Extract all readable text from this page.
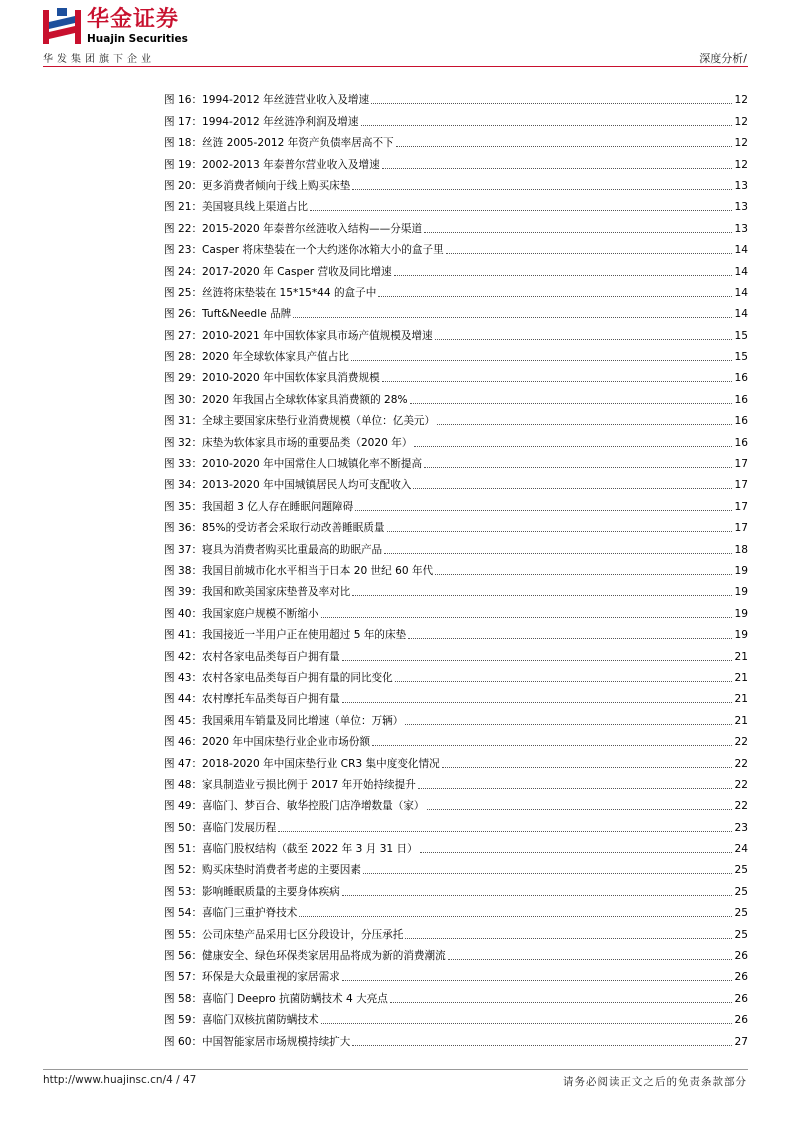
华金证券
Huajin Securities
华发集团旗下企业	深度分析/
图 16：1994-2012 年丝涟营业收入及增速	12
图 17：1994-2012 年丝涟净利润及增速	12
图 18：丝涟 2005-2012 年资产负债率居高不下	12
图 19：2002-2013 年泰普尔营业收入及增速	12
图 20：更多消费者倾向于线上购买床垫	13
图 21：美国寝具线上渠道占比	13
图 22：2015-2020 年泰普尔丝涟收入结构——分渠道	13
图 23：Casper 将床垫装在一个大约迷你冰箱大小的盒子里	14
图 24：2017-2020 年 Casper 营收及同比增速	14
图 25：丝涟将床垫装在 15*15*44 的盒子中	14
图 26：Tuft&Needle 品牌	14
图 27：2010-2021 年中国软体家具市场产值规模及增速	15
图 28：2020 年全球软体家具产值占比	15
图 29：2010-2020 年中国软体家具消费规模	16
图 30：2020 年我国占全球软体家具消费额的 28%	16
图 31：全球主要国家床垫行业消费规模（单位：亿美元）	16
图 32：床垫为软体家具市场的重要品类（2020 年）	16
图 33：2010-2020 年中国常住人口城镇化率不断提高	17
图 34：2013-2020 年中国城镇居民人均可支配收入	17
图 35：我国超 3 亿人存在睡眠问题障碍	17
图 36：85%的受访者会采取行动改善睡眠质量	17
图 37：寝具为消费者购买比重最高的助眠产品	18
图 38：我国目前城市化水平相当于日本 20 世纪 60 年代	19
图 39：我国和欧美国家床垫普及率对比	19
图 40：我国家庭户规模不断缩小	19
图 41：我国接近一半用户正在使用超过 5 年的床垫	19
图 42：农村各家电品类每百户拥有量	21
图 43：农村各家电品类每百户拥有量的同比变化	21
图 44：农村摩托车品类每百户拥有量	21
图 45：我国乘用车销量及同比增速（单位：万辆）	21
图 46：2020 年中国床垫行业企业市场份额	22
图 47：2018-2020 年中国床垫行业 CR3 集中度变化情况	22
图 48：家具制造业亏损比例于 2017 年开始持续提升	22
图 49：喜临门、梦百合、敏华控股门店净增数量（家）	22
图 50：喜临门发展历程	23
图 51：喜临门股权结构（截至 2022 年 3 月 31 日）	24
图 52：购买床垫时消费者考虑的主要因素	25
图 53：影响睡眠质量的主要身体疾病	25
图 54：喜临门三重护脊技术	25
图 55：公司床垫产品采用七区分段设计，分压承托	25
图 56：健康安全、绿色环保类家居用品将成为新的消费潮流	26
图 57：环保是大众最重视的家居需求	26
图 58：喜临门 Deepro 抗菌防螨技术 4 大亮点	26
图 59：喜临门双核抗菌防螨技术	26
图 60：中国智能家居市场规模持续扩大	27
http://www.huajinsc.cn/4 / 47	请务必阅读正文之后的免责条款部分
